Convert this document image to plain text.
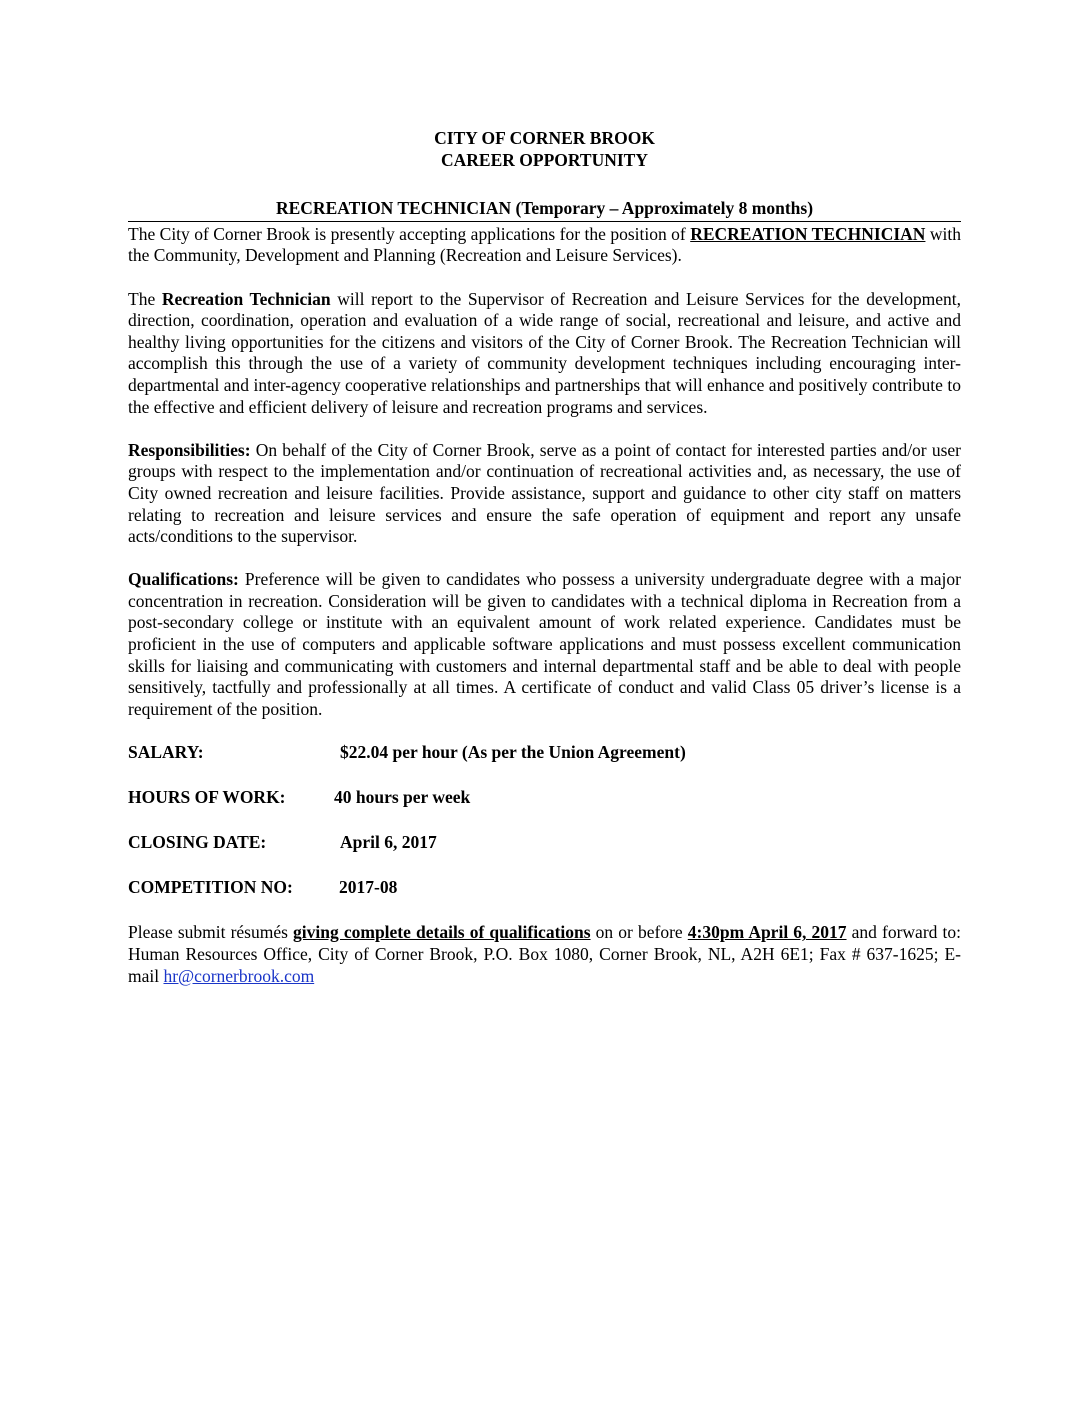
CITY OF CORNER BROOK
CAREER OPPORTUNITY
RECREATION TECHNICIAN (Temporary – Approximately 8 months)

The City of Corner Brook is presently accepting applications for the position of RECREATION TECHNICIAN with the Community, Development and Planning (Recreation and Leisure Services).

The Recreation Technician will report to the Supervisor of Recreation and Leisure Services for the development, direction, coordination, operation and evaluation of a wide range of social, recreational and leisure, and active and healthy living opportunities for the citizens and visitors of the City of Corner Brook. The Recreation Technician will accomplish this through the use of a variety of community development techniques including encouraging inter-departmental and inter-agency cooperative relationships and partnerships that will enhance and positively contribute to the effective and efficient delivery of leisure and recreation programs and services.

Responsibilities: On behalf of the City of Corner Brook, serve as a point of contact for interested parties and/or user groups with respect to the implementation and/or continuation of recreational activities and, as necessary, the use of City owned recreation and leisure facilities. Provide assistance, support and guidance to other city staff on matters relating to recreation and leisure services and ensure the safe operation of equipment and report any unsafe acts/conditions to the supervisor.

Qualifications: Preference will be given to candidates who possess a university undergraduate degree with a major concentration in recreation. Consideration will be given to candidates with a technical diploma in Recreation from a post-secondary college or institute with an equivalent amount of work related experience. Candidates must be proficient in the use of computers and applicable software applications and must possess excellent communication skills for liaising and communicating with customers and internal departmental staff and be able to deal with people sensitively, tactfully and professionally at all times. A certificate of conduct and valid Class 05 driver’s license is a requirement of the position.

SALARY:	$22.04 per hour (As per the Union Agreement)
HOURS OF WORK:	40 hours per week
CLOSING DATE:	April 6, 2017
COMPETITION NO:	2017-08

Please submit résumés giving complete details of qualifications on or before 4:30pm April 6, 2017 and forward to: Human Resources Office, City of Corner Brook, P.O. Box 1080, Corner Brook, NL, A2H 6E1; Fax # 637-1625; E-mail hr@cornerbrook.com
